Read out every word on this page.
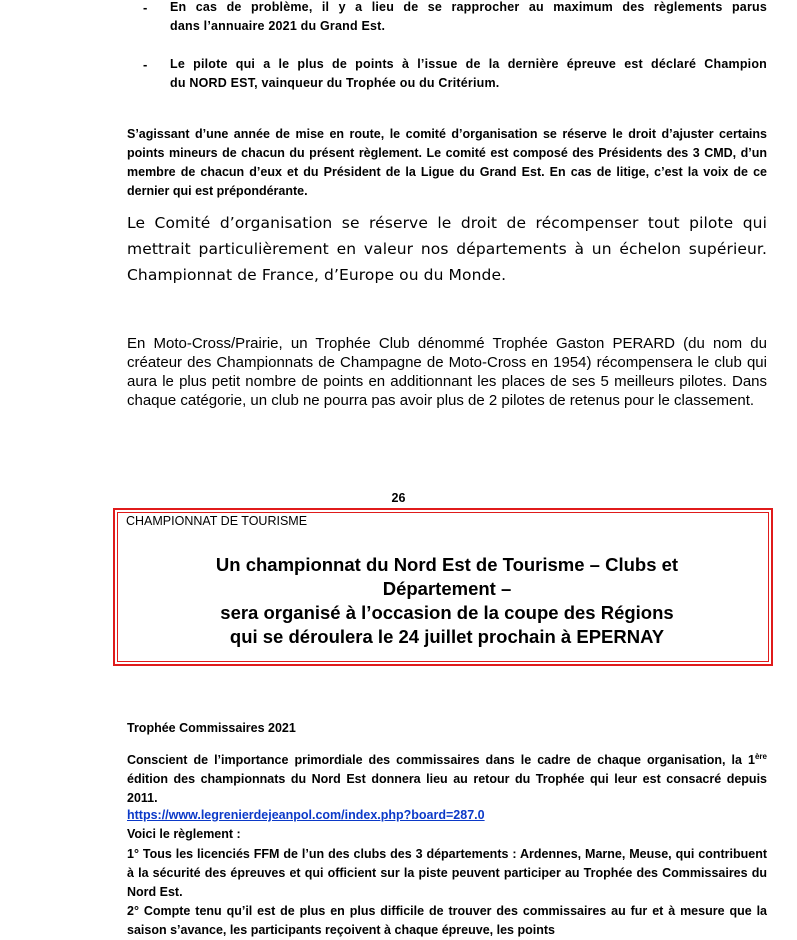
- En cas de problème, il y a lieu de se rapprocher au maximum des règlements parus
dans l’annuaire 2021 du Grand Est.
- Le pilote qui a le plus de points à l’issue de la dernière épreuve est déclaré Champion
du NORD EST, vainqueur du Trophée ou du Critérium.

S’agissant d’une année de mise en route, le comité d’organisation se réserve le droit d’ajuster certains points mineurs de chacun du présent règlement. Le comité est composé des Présidents des 3 CMD, d’un membre de chacun d’eux et du Président de la Ligue du Grand Est. En cas de litige, c’est la voix de ce dernier qui est prépondérante.

Le Comité d’organisation se réserve le droit de récompenser tout pilote qui mettrait particulièrement en valeur nos départements à un échelon supérieur. Championnat de France, d’Europe ou du Monde.

En Moto-Cross/Prairie, un Trophée Club dénommé Trophée Gaston PERARD (du nom du créateur des Championnats de Champagne de Moto-Cross en 1954) récompensera le club qui aura le plus petit nombre de points en additionnant les places de ses 5 meilleurs pilotes. Dans chaque catégorie, un club ne pourra pas avoir plus de 2 pilotes de retenus pour le classement.

26
CHAMPIONNAT DE TOURISME
Un championnat du Nord Est de Tourisme – Clubs et
Département –
sera organisé à l’occasion de la coupe des Régions
qui se déroulera le 24 juillet prochain à EPERNAY
Trophée Commissaires 2021

Conscient de l’importance primordiale des commissaires dans le cadre de chaque organisation, la 1ère édition des championnats du Nord Est donnera lieu au retour du Trophée qui leur est consacré depuis 2011.

https://www.legrenierdejeanpol.com/index.php?board=287.0
Voici le règlement :

1° Tous les licenciés FFM de l’un des clubs des 3 départements : Ardennes, Marne, Meuse, qui contribuent à la sécurité des épreuves et qui officient sur la piste peuvent participer au Trophée des Commissaires du Nord Est.

2° Compte tenu qu’il est de plus en plus difficile de trouver des commissaires au fur et à mesure que la saison s’avance, les participants reçoivent à chaque épreuve, les points
